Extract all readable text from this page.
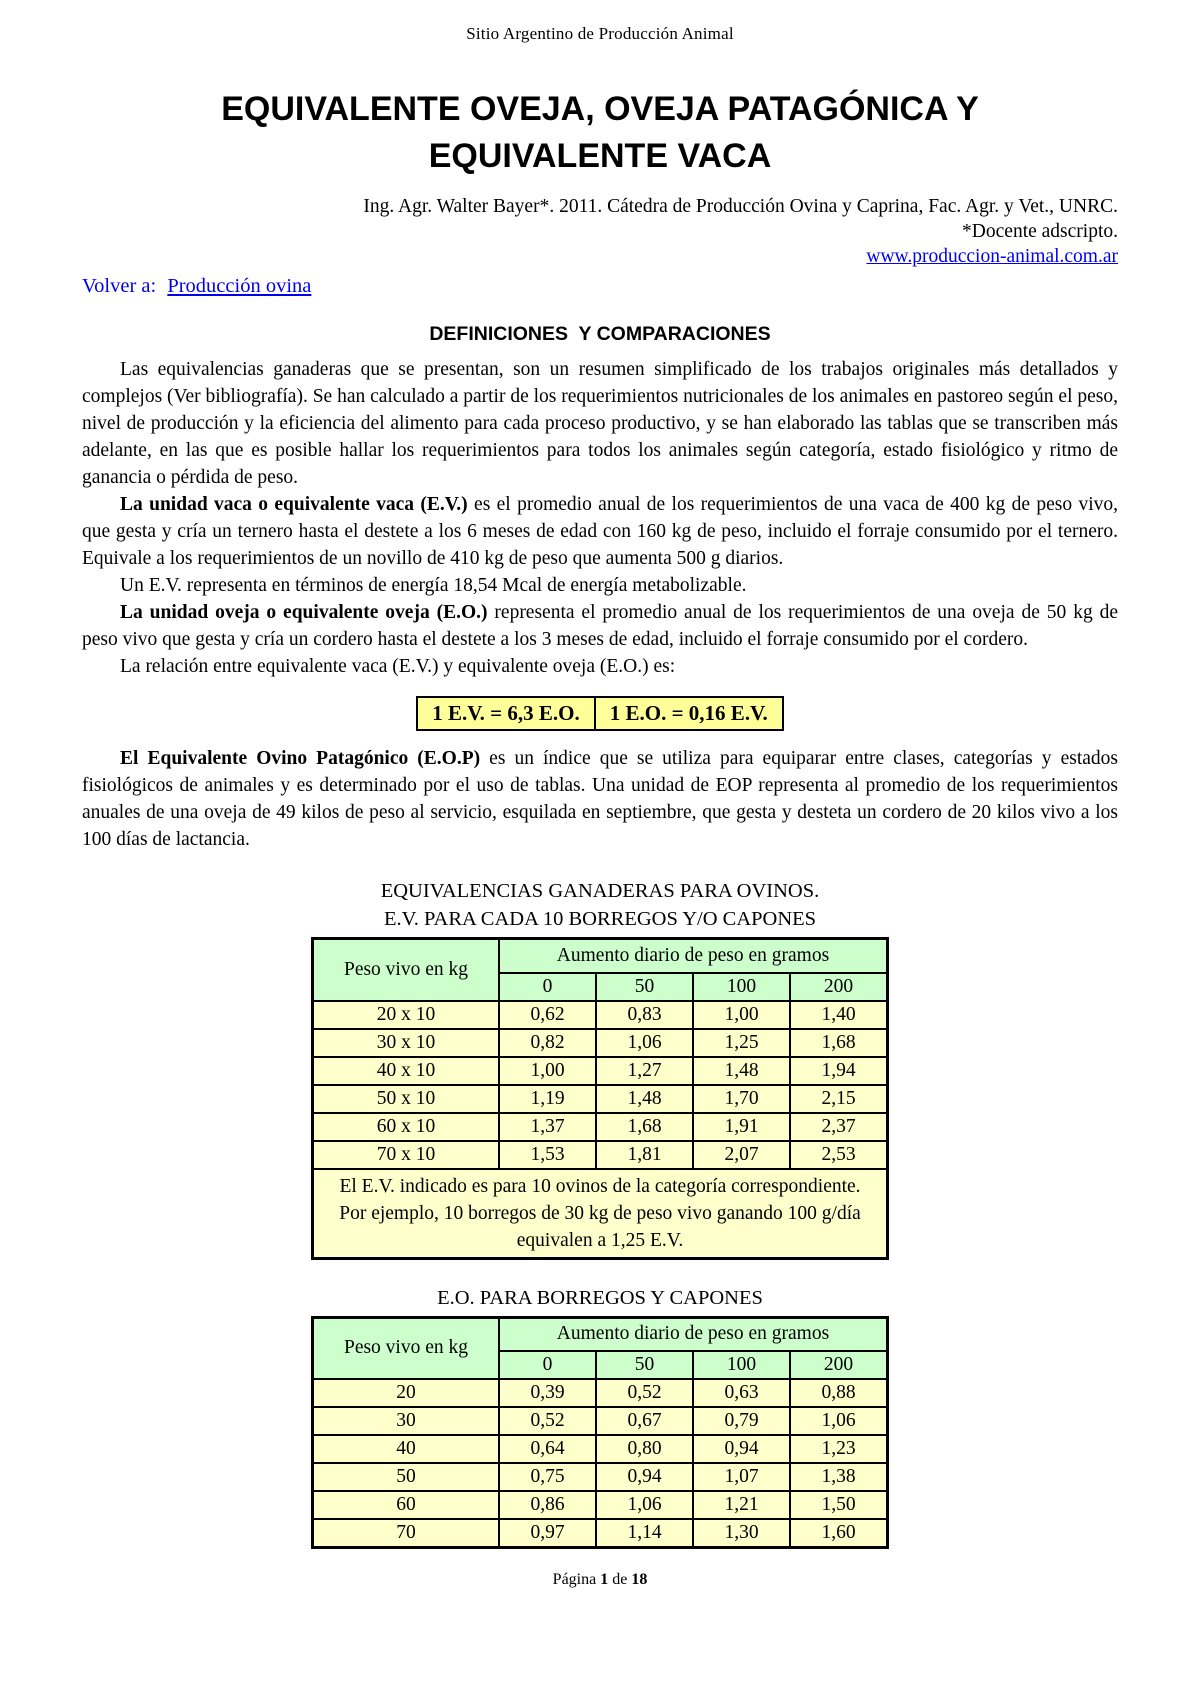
Sitio Argentino de Producción Animal
EQUIVALENTE OVEJA, OVEJA PATAGÓNICA Y
EQUIVALENTE VACA
Ing. Agr. Walter Bayer*. 2011. Cátedra de Producción Ovina y Caprina, Fac. Agr. y Vet., UNRC.
*Docente adscripto.
www.produccion-animal.com.ar
Volver a: Producción ovina
DEFINICIONES  Y COMPARACIONES

Las equivalencias ganaderas que se presentan, son un resumen simplificado de los trabajos originales más detallados y complejos (Ver bibliografía). Se han calculado a partir de los requerimientos nutricionales de los animales en pastoreo según el peso, nivel de producción y la eficiencia del alimento para cada proceso productivo, y se han elaborado las tablas que se transcriben más adelante, en las que es posible hallar los requerimientos para todos los animales según categoría, estado fisiológico y ritmo de ganancia o pérdida de peso.

La unidad vaca o equivalente vaca (E.V.) es el promedio anual de los requerimientos de una vaca de 400 kg de peso vivo, que gesta y cría un ternero hasta el destete a los 6 meses de edad con 160 kg de peso, incluido el forraje consumido por el ternero. Equivale a los requerimientos de un novillo de 410 kg de peso que aumenta 500 g diarios.

Un E.V. representa en términos de energía 18,54 Mcal de energía metabolizable.

La unidad oveja o equivalente oveja (E.O.) representa el promedio anual de los requerimientos de una oveja de 50 kg de peso vivo que gesta y cría un cordero hasta el destete a los 3 meses de edad, incluido el forraje consumido por el cordero.

La relación entre equivalente vaca (E.V.) y equivalente oveja (E.O.) es:

1 E.V. = 6,3 E.O. 1 E.O. = 0,16 E.V.

El Equivalente Ovino Patagónico (E.O.P) es un índice que se utiliza para equiparar entre clases, categorías y estados fisiológicos de animales y es determinado por el uso de tablas. Una unidad de EOP representa al promedio de los requerimientos anuales de una oveja de 49 kilos de peso al servicio, esquilada en septiembre, que gesta y desteta un cordero de 20 kilos vivo a los 100 días de lactancia.

EQUIVALENCIAS GANADERAS PARA OVINOS.
E.V. PARA CADA 10 BORREGOS Y/O CAPONES
Peso vivo en kg	Aumento diario de peso en gramos			
	0	50	100	200
20 x 10	0,62	0,83	1,00	1,40
30 x 10	0,82	1,06	1,25	1,68
40 x 10	1,00	1,27	1,48	1,94
50 x 10	1,19	1,48	1,70	2,15
60 x 10	1,37	1,68	1,91	2,37
70 x 10	1,53	1,81	2,07	2,53
El E.V. indicado es para 10 ovinos de la categoría correspondiente. Por ejemplo, 10 borregos de 30 kg de peso vivo ganando 100 g/día equivalen a 1,25 E.V.				
E.O. PARA BORREGOS Y CAPONES
Peso vivo en kg	Aumento diario de peso en gramos			
	0	50	100	200
20	0,39	0,52	0,63	0,88
30	0,52	0,67	0,79	1,06
40	0,64	0,80	0,94	1,23
50	0,75	0,94	1,07	1,38
60	0,86	1,06	1,21	1,50
70	0,97	1,14	1,30	1,60
Página 1 de 18
